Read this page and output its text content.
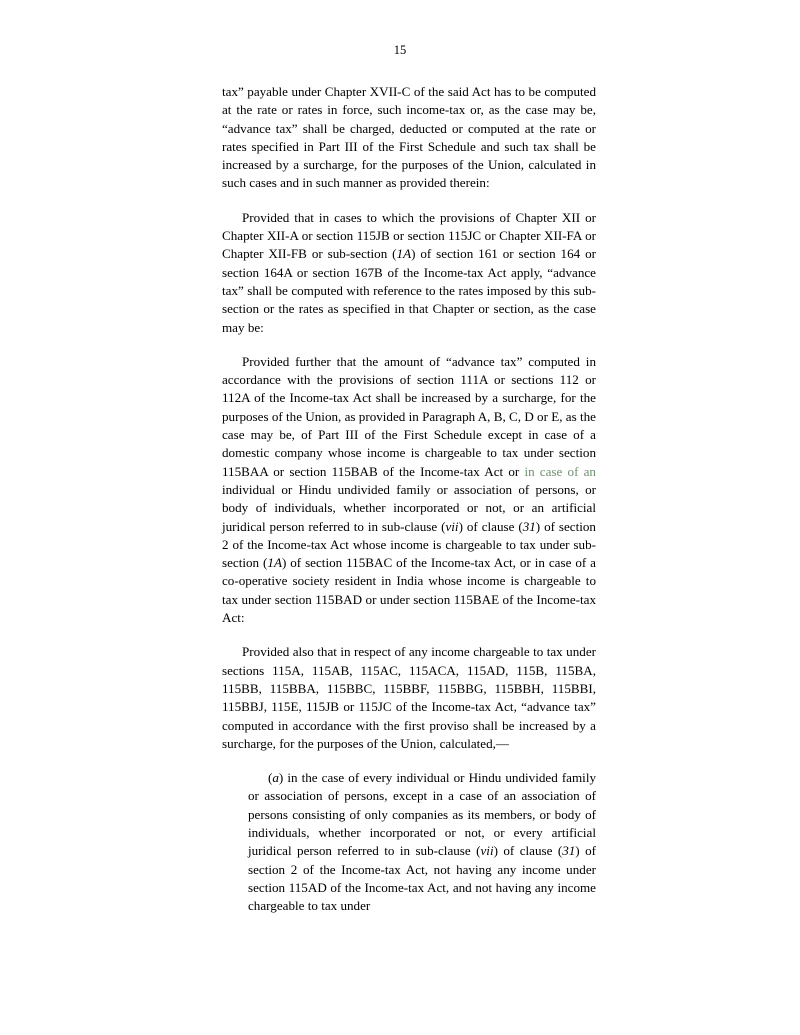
15

tax” payable under Chapter XVII-C of the said Act has to be computed at the rate or rates in force, such income-tax or, as the case may be, “advance tax” shall be charged, deducted or computed at the rate or rates specified in Part III of the First Schedule and such tax shall be increased by a surcharge, for the purposes of the Union, calculated in such cases and in such manner as provided therein:

Provided that in cases to which the provisions of Chapter XII or Chapter XII-A or section 115JB or section 115JC or Chapter XII-FA or Chapter XII-FB or sub-section (1A) of section 161 or section 164 or section 164A or section 167B of the Income-tax Act apply, “advance tax” shall be computed with reference to the rates imposed by this sub-section or the rates as specified in that Chapter or section, as the case may be:

Provided further that the amount of “advance tax” computed in accordance with the provisions of section 111A or sections 112 or 112A of the Income-tax Act shall be increased by a surcharge, for the purposes of the Union, as provided in Paragraph A, B, C, D or E, as the case may be, of Part III of the First Schedule except in case of a domestic company whose income is chargeable to tax under section 115BAA or section 115BAB of the Income-tax Act or in case of an individual or Hindu undivided family or association of persons, or body of individuals, whether incorporated or not, or an artificial juridical person referred to in sub-clause (vii) of clause (31) of section 2 of the Income-tax Act whose income is chargeable to tax under sub-section (1A) of section 115BAC of the Income-tax Act, or in case of a co-operative society resident in India whose income is chargeable to tax under section 115BAD or under section 115BAE of the Income-tax Act:

Provided also that in respect of any income chargeable to tax under sections 115A, 115AB, 115AC, 115ACA, 115AD, 115B, 115BA, 115BB, 115BBA, 115BBC, 115BBF, 115BBG, 115BBH, 115BBI, 115BBJ, 115E, 115JB or 115JC of the Income-tax Act, “advance tax” computed in accordance with the first proviso shall be increased by a surcharge, for the purposes of the Union, calculated,—

(a) in the case of every individual or Hindu undivided family or association of persons, except in a case of an association of persons consisting of only companies as its members, or body of individuals, whether incorporated or not, or every artificial juridical person referred to in sub-clause (vii) of clause (31) of section 2 of the Income-tax Act, not having any income under section 115AD of the Income-tax Act, and not having any income chargeable to tax under
